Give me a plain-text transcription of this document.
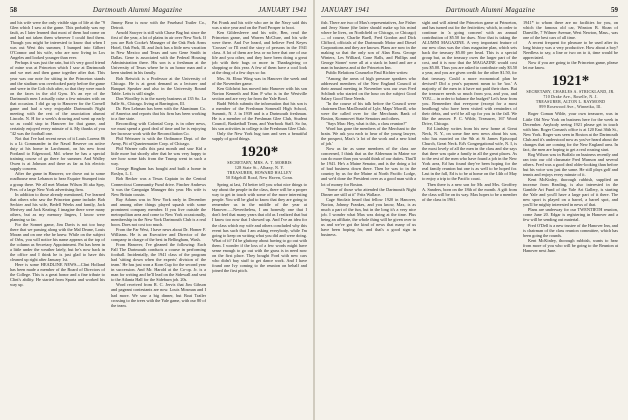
58	Dartmouth Alumni Magazine	JANUARY 1941

and his wife were the only visible sign of life at the "9 Glen which I saw at the game. This probably was my fault, as I later learned that most of them had come on and had not taken them wherever I could find them. Though you might be interested to know that when I was out West this summer, I bumped into Gilbert O'Connor and his wife, who are now living in Los Angeles and looked younger than ever.

Perhaps it was just the rain, but it's very good friend of mine was at Princeton which I saw at Dartmouth and we met and then game together after that. This year was our note for sitting in the Princeton stands and the stadium was overlooked party before the game and were in the Colt club after, so that they were much on the faces in the old Gym. It's an eye of the Dartmouth men I actually raise a few minutes with on that occasion. I did go up to Hanover for the Cornell game and had a very enjoyable Dartmouth Night meeting with the rest of the association alumni Lincoln. N. H for a week's drawing and went up early so as could stop in Hanover for that game, and certainly enjoyed every minute of it. My thanks of you "42 was the football one.

Not that I've had recent news of it Louis Lorenz 86 is a Lt Commander in the Naval Reserve on active duty at his home in Larchmont, on his new front Portland to Edgewood, Md. where he has a special training course of go there for summer. And Walley Owen is at Johnson and there as far as his electric supply concern.

After the game in Hanover, we drove out to some roadhouse near Lebanon to hear Esquire Stumped into a group there. We all met Marian Wilson 36 aka Spry, Pres. of a large New York advertising firm.

In addition to those already mentioned, I've learned that others who saw the Princeton game include: Bob Seckter and his wife, Bedell Weeks and family, Jack Merivey and Jack Keating. I imagine there were many others, but as my memory lingers, I know were planning so far.

For the Sonnet game, Jim Davis is not too busy there that we passing along with the Mal Deane, Louis Moran and on one else he knew. While on the subject of Orbs, you will notice his name appears at the top of the column as Secretary Appointment. Pat has been in a little under the weather lately, but he's now back in the office and I think he is just glad to have this cleaned up right after January 1st.

Here is some HEADLINE NEWS—Clint Holland has been made a member of the Board of Directors of the College. This is a great honor and a fine tribute to Clint's ability. He started from Sparta and worked his way up.

Jimmy Bear is now with the Fruehauf Trailer Co., Detroit.

Arnold Sawyer is still with Chase Bag but since the first of the year, a lot of plains in air over New York. If you are Bob Cooke's Manager of the Oak Park Arms Hotel, Oak Park, Ill. and Jack has a little new vacation in New Mexico and Texas and saw Gene Smith in Dallas. Gene is associated with the Federal Housing Administration there. His son is a freshman at the University of Texas where he is an honor man and a keen student in his family.

Bob Retwick is a Professor at the University of Chicago. He is at great demand as a lecturer and Banquet Speaker and also in the University Round Table. Letts is still single.

Don Woodley is in the surety business at 135 So. La Salle St., Chicago. living at Barrington, Ill.

Dr. Ben Lehman has been with the Aluminum Co. of America and reports that his firm has been working to a fine state.

Reconciling with Colonial Corp. is in other news, we must spend a good deal of time and he is enjoying her lacrosse work with the Reconciliation Co.

Phil Weissner is with the Ordinance Dept. of the Army, Pit of Quartermaster Corp. of Chicago.

Phil Warner calls this past month and saw Kid a little more but shortly after that he was very happy to see how some kids from the Trump went in such a way.

George Bingham has bought and built a home in Roslyn, L. I.

Bob Becker was a Texas Captain in the Central Connecticut Community Fund drive. Fincher Andrews 'it was the Campaign Manager this year. His wife is New Britain cousin.

Ray Adams was in New York early in December and among other things played squash with some prominent company member. If you live outside the metropolitan area and come to New York occasionally, membership in the New York Dartmouth Club is a real boon. Does not cost too much.

From the Far West, I have news about Dr. Homer F. Williams. He is an Executive and Director of the company in charge of the best in Bellingham, Wash.

From Hanover, I've gleaned the following: Each Fall The Dartmouth conducts a course in performing football. Incidentally, the 1941 class of the program had 'sitting down when the experts' division of the team.' He has just won a Korn Cup for the second year in succession. And Mr. Harold at the Co-op. Jr. is a man for writing and he'll lead on the Sidewall and sent to the Atlanta Hall for the Sideburn job. 20s.

Word received from R. C. Jervis that Jim Gibson and pageant contestants are now. Louis Mosman and I had more. We saw a big dinner, but Boat Trailer crossing to the trees with the Yale game, with our 80 of the team.

Pat Frank and his wife who are in the Navy said this was a nice year and on the Ford Prosper to boot.

Ken Gildersleeve and his wife, Ben, read the Princeton game, and Warren McClure, and his wife were there. And I've heard, and believe Fred Keyes 'Crosses' or I'll read the story of persons in the 1941 class. A lot of them are less or no here that one of our life and you other, and they have been doing a great job with their bags or more in Thanksgiving or shopping or this year. A few of them have a cool look at the drug of a few days so far.

Mrs. St. Elmo Wing was in Hanover the week and of the November game.

Ken Gilchrist has moved into Hanover with his son Norton Kenneth and Kim P who is in the Westville section and are very far from the Yale Bowl.

Budd Welch submits the information that his son is a member of the Freshman Somerall High School, Summit, N. J. in 1939 and is a Dartmouth freshman. He is a member of the Freshman Glee Club, Student Council, Basketball Team, and Yearbook Staff. So far, his son activities in college is the Freshman Glee Club.

Only the New York hug turn and sees a beautiful supply of good things.

1920*
SECRETARY, MRS. A. T. MORRIS
128 State St., Albany, N. Y.
TREASURER, HOWARD HALLEY
50 Edgehill Road, New Haven, Conn.

Spring at last, I'd better tell you what nice things to say about the people in the class, there will be a proper way to get in touch with some of the more interesting people. You will be glad to know that they are going to remember us in the middle of the year at Hanover......Nevertheless, I am honestly one that I don't feel that many years that old as I realized that but I know too now that I showed up. And I've an idea for the class which my wife and others concluded why this event has such that I am asking everybody, while I'm going to keep on writing what you did and were doing. What of it? I'd be gluttony about having to go out with them. I wonder if the loss of a few words might have sense enough to go out with the grass is in need now on the first place. They bought Ford with new cars who didn't buy stuff to get dance work. And I have found one Ivy coming to the reunion on behalf and joined the first pitch.

JANUARY 1941	Dartmouth Alumni Magazine	59

fish. There are two of Max's representatives, Joe Fisher and Jerry Stone (the latter should make up his mind where he lives, on Northfield or Chicago, or Chicago) — of course, Charlie Buell, Fred Gordon and Dick Clifford, officials of the Dartmouth Motor and Diesel Corporations and they are known. Plans are now in the making so that the only son of Alan Ross. George Winters, Les Williard, Cone Ralls, and Phillips and George Stoner' were all at a stack in hand and are a man in business and at the Princeton Inn.

Public Relations Counselor Paul Richter writes:

"Among the areas of high pressure speakers who addressed members of the New England Council at their annual meeting in November was our own Fred Schlindt who started on the hour on the subject Good Salary Good Time Needs.

"In the course of his talk before the Council were chairmen Don MacDonald of Lyle, Maps' Morrill, who were the called over for the Merchants Bank of Boston, Kommovet State Senators and others.

"Says Max: Hey, what is this, a class reunion?"

Word has gone the members of the Merchant to the brain. We ask you each to hear of the young lawyer, the prospect, Max's 'a lot of the work and a new kind of job.'

Now as far as some members of the class are concerned, I think that as the Alderman in Maine we can do more than you would think of our duties. That'll be 1941. He's a Maine Senator, and is the doing a lot of bad business down there. Then he was to in the country by us for the Maine at North Pacific Lodge, and we'd done the President over as a good man with a lot of money for Boston.

"Some of those who attended the Dartmouth Night Dinner are still at it" Fritz Wallace.

Cage Sinclair heard that fellow 1920 in Hanover, Norton, Johnny Frankes, and you know, Max, is as much a part of the fun, but in the long it's a very nice job. I wonder what Max was doing at the time. Plus being an affiliate, the whole thing will be given over to us and we've got the kind of news that many of us have been hoping for, and that's a good sign in business.

sight and will attend the Princeton game at Princeton, and has turned out for the festivities; which, in order to continue in 'a going concern' with an annual contribution of $5.50 for dues. Now that is taking the ALUMNI MAGAZINE. A very important feature of our new class was the class magazine plan, which sets back the treasury $5.00 per head. This is a special group but, as the treasury owes the larger part of the cost, and it is now that the MAGAZINE would cost you $5.00. Thus you are asked to contribute only $3.50 a year, and you are given credit for the other $1.50, for that treasury. Could a more economical plan be devised? Did a year's payment mean to be 'too.' A majority of the men in it have not paid their dues. But the treasurer needs so much from you, and you, and YOU.... in order to balance the budget? Let's hear from you. Remember that everyone (except for a most headlong) who have been visited with reminders of their debts, and we'd be all up for you in the fall. We like the answer. P. C. Wilde, Treasurer, 167 Wood Drive, Chicago.

Ed Lindsley writes from his new home at Great Neck, N. Y., on some fine new news about his son, who has married on the 9th at St James Episcopal Church, Great Neck. Ed's Congregational wife, N. I, is the most lovely of all the men in the class and she says that there was quite a family in all the great places. As to the rest of the men who have found a job in the New York area, Ed has found they've been hoping for the real family reunion but one is as well to be hoped for. Last in the fall, Ed is to be at home on the 14th of May to enjoy a trip to the Pacific coast.

Then there is a new son for Mr. and Mrs. Geoffrey A. Sanders, born on the 18th of the month. A gift from the class will be on its way. Max hopes to be a member of the class in 1961.

1941* to whom there are no facilities for you, on which the famous old car, Winston B. Sloan of Danville, 7 Wilmer Avenue, West Newton, Mass., was one of the best cars of all time.

A recent frequent for pleasure to be used after its long history was a very productive. How about a boy? Needless to say, a line or two on to it, time would be appreciated.

Now if you are going to the Princeton game, please let me know.

1921*
SECRETARY, CHARLES A. STRICKLAND, JR.
710 Drake Ave., Roselle, N. J.
TREASURER, ALTON L. RAYMOND
899 Rosewood Ave., Winnetka, Ill.

Roger Coman Wilde, your own treasurer, was in Little Old New York on business here for the week in December. Anybody seeing 1921 please get in touch with him. Roger Coman's office is at 120 East 36th St., New York. Roger was seen in Boston at the Dartmouth Club and it's understood now as you've heard about the changes that are coming for the New England area. In fact, the men are hoping to get a real rousing start.

Rog Wilson was in Buffalo on business recently and ran into our old classmate Fred Munson and several others. Fred was a good deal older-looking than before but his voice was just the same. He still plays golf and tennis and enjoys every minute of it.

Kent McKinley, thorough rubbish, supplied an increase from Reading, is also interested in the Gamble Art Fund of the Yale Art Gallery, is starting the Yale and you'll have a large part of it there. The new sport is played on a barrel, a barrel spot, and you'll be mighty interested in news of that.

Plans are underway for our TWENTIETH reunion, come June 20. Edgar is registering in Hanover and a few will be sending out material.

Fred O'Dell is a new trustee of the Hanover Inn, and is chairman of the class reunion committee, which has been going the rounds.

Kent McKinley, thorough rubbish, wants to hear from more of you who will be going to the Reunion at Hanover next June.
